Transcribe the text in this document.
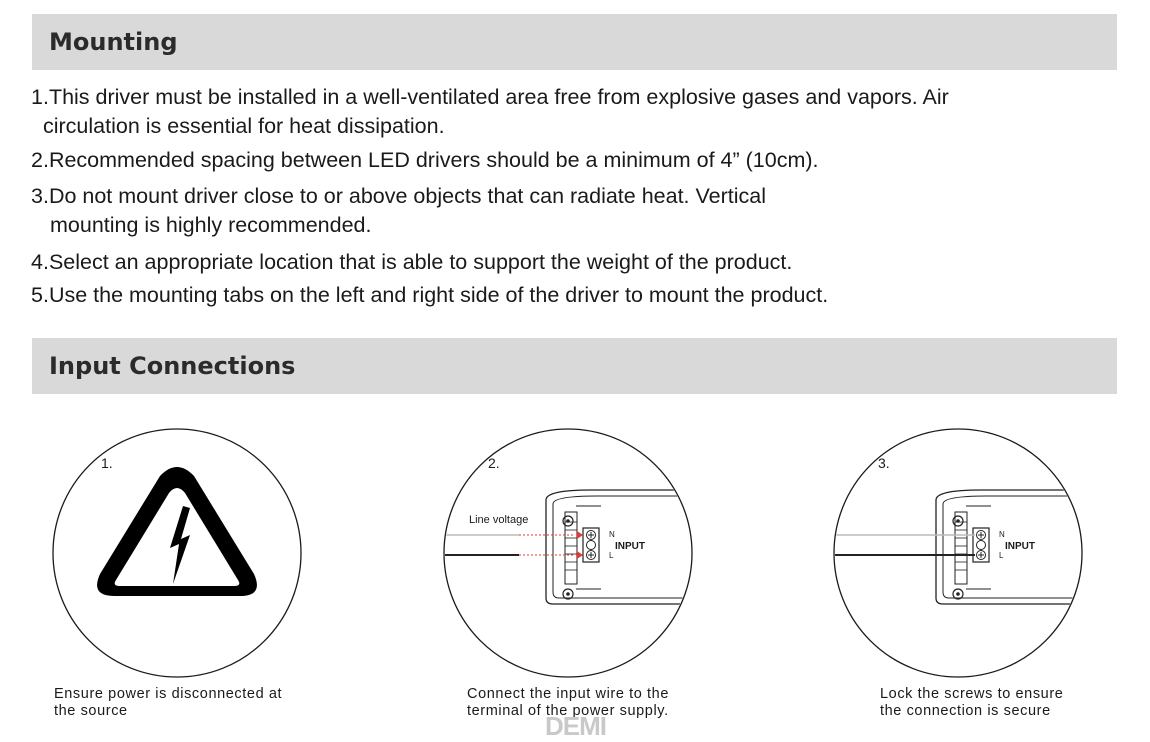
Mounting
1.This driver must be installed in a well-ventilated area free from explosive gases and vapors. Air
circulation is essential for heat dissipation.
2.Recommended spacing between LED drivers should be a minimum of 4” (10cm).
3.Do not mount driver close to or above objects that can radiate heat. Vertical
mounting is highly recommended.
4.Select an appropriate location that is able to support the weight of the product.
5.Use the mounting tabs on the left and right side of the driver to mount the product.
Input Connections
1.	2.
Line voltage
N
INPUT
L
3.
N
INPUT
L
Ensure power is disconnected at
the source
Connect the input wire to the
terminal of the power supply.
Lock the screws to ensure
the connection is secure
DEMI
